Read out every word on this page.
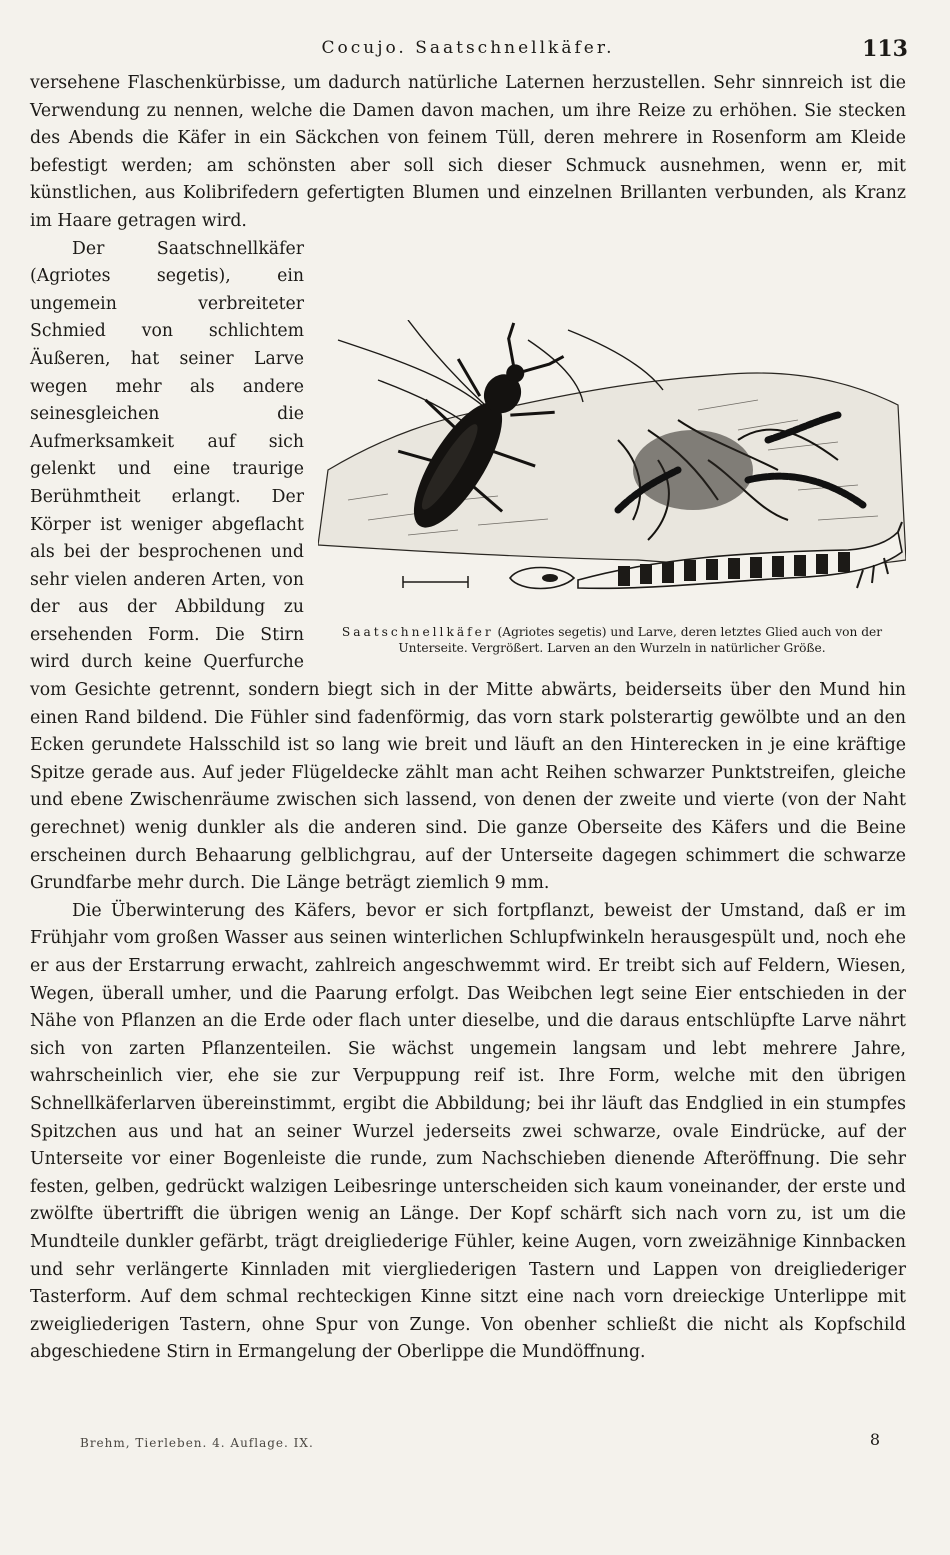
Cocujo. Saatschnellkäfer.	113

versehene Flaschenkürbisse, um dadurch natürliche Laternen herzustellen. Sehr sinnreich ist die Verwendung zu nennen, welche die Damen davon machen, um ihre Reize zu erhöhen. Sie stecken des Abends die Käfer in ein Säckchen von feinem Tüll, deren mehrere in Rosenform am Kleide befestigt werden; am schönsten aber soll sich dieser Schmuck ausnehmen, wenn er, mit künstlichen, aus Kolibrifedern gefertigten Blumen und einzelnen Brillanten verbunden, als Kranz im Haare getragen wird.

Saatschnellkäfer (Agriotes segetis) und Larve, deren letztes Glied auch von der Unterseite. Vergrößert. Larven an den Wurzeln in natürlicher Größe.

Der Saatschnellkäfer (Agriotes segetis), ein ungemein verbreiteter Schmied von schlichtem Äußeren, hat seiner Larve wegen mehr als andere seinesgleichen die Aufmerksamkeit auf sich gelenkt und eine traurige Berühmtheit erlangt. Der Körper ist weniger abgeflacht als bei der besprochenen und sehr vielen anderen Arten, von der aus der Abbildung zu ersehenden Form. Die Stirn wird durch keine Querfurche vom Gesichte getrennt, sondern biegt sich in der Mitte abwärts, beiderseits über den Mund hin einen Rand bildend. Die Fühler sind fadenförmig, das vorn stark polsterartig gewölbte und an den Ecken gerundete Halsschild ist so lang wie breit und läuft an den Hinterecken in je eine kräftige Spitze gerade aus. Auf jeder Flügeldecke zählt man acht Reihen schwarzer Punktstreifen, gleiche und ebene Zwischenräume zwischen sich lassend, von denen der zweite und vierte (von der Naht gerechnet) wenig dunkler als die anderen sind. Die ganze Oberseite des Käfers und die Beine erscheinen durch Behaarung gelblichgrau, auf der Unterseite dagegen schimmert die schwarze Grundfarbe mehr durch. Die Länge beträgt ziemlich 9 mm.

Die Überwinterung des Käfers, bevor er sich fortpflanzt, beweist der Umstand, daß er im Frühjahr vom großen Wasser aus seinen winterlichen Schlupfwinkeln herausgespült und, noch ehe er aus der Erstarrung erwacht, zahlreich angeschwemmt wird. Er treibt sich auf Feldern, Wiesen, Wegen, überall umher, und die Paarung erfolgt. Das Weibchen legt seine Eier entschieden in der Nähe von Pflanzen an die Erde oder flach unter dieselbe, und die daraus entschlüpfte Larve nährt sich von zarten Pflanzenteilen. Sie wächst ungemein langsam und lebt mehrere Jahre, wahrscheinlich vier, ehe sie zur Verpuppung reif ist. Ihre Form, welche mit den übrigen Schnellkäferlarven übereinstimmt, ergibt die Abbildung; bei ihr läuft das Endglied in ein stumpfes Spitzchen aus und hat an seiner Wurzel jederseits zwei schwarze, ovale Eindrücke, auf der Unterseite vor einer Bogenleiste die runde, zum Nachschieben dienende Afteröffnung. Die sehr festen, gelben, gedrückt walzigen Leibesringe unterscheiden sich kaum voneinander, der erste und zwölfte übertrifft die übrigen wenig an Länge. Der Kopf schärft sich nach vorn zu, ist um die Mundteile dunkler gefärbt, trägt dreigliederige Fühler, keine Augen, vorn zweizähnige Kinnbacken und sehr verlängerte Kinnladen mit viergliederigen Tastern und Lappen von dreigliederiger Tasterform. Auf dem schmal rechteckigen Kinne sitzt eine nach vorn dreieckige Unterlippe mit zweigliederigen Tastern, ohne Spur von Zunge. Von obenher schließt die nicht als Kopfschild abgeschiedene Stirn in Ermangelung der Oberlippe die Mundöffnung.

Brehm, Tierleben. 4. Auflage. IX.	8
